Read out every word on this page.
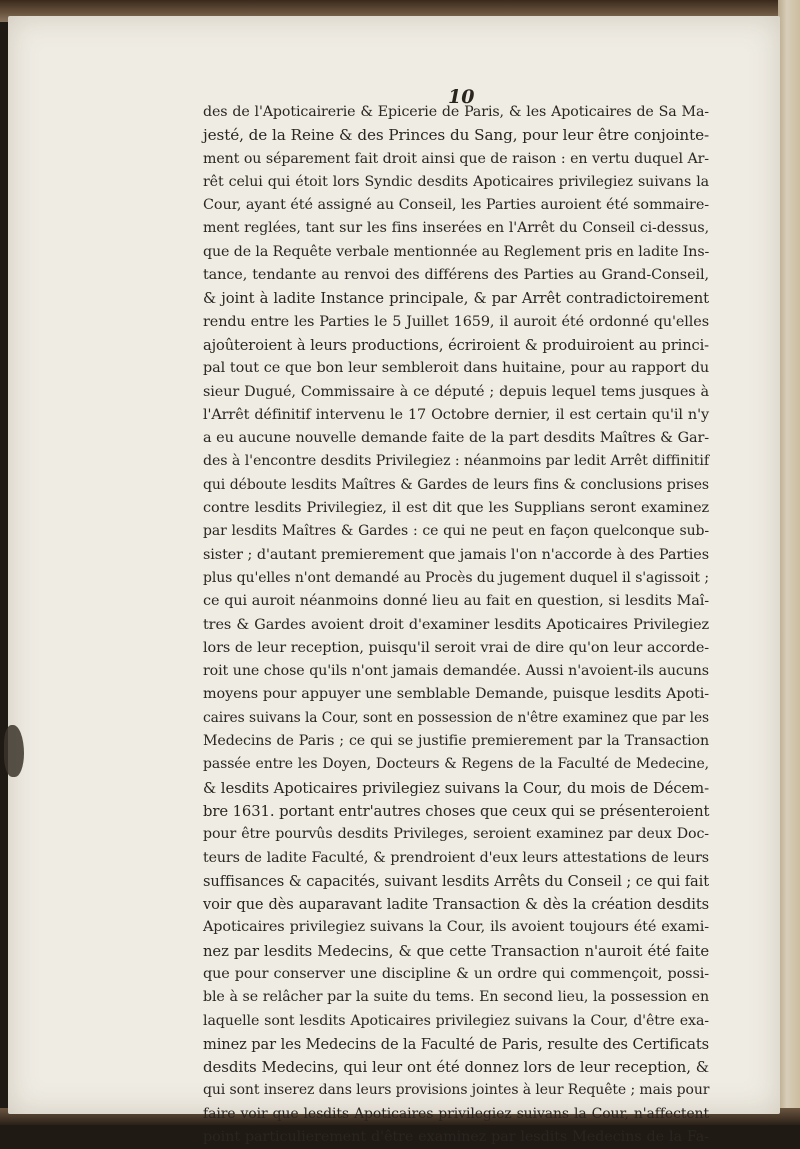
10
des de l'Apoticairerie & Epicerie de Paris, & les Apoticaires de Sa Ma-
jesté, de la Reine & des Princes du Sang, pour leur être conjointe-
ment ou séparement fait droit ainsi que de raison : en vertu duquel Ar-
rêt celui qui étoit lors Syndic desdits Apoticaires privilegiez suivans la
Cour, ayant été assigné au Conseil, les Parties auroient été sommaire-
ment reglées, tant sur les fins inserées en l'Arrêt du Conseil ci-dessus,
que de la Requête verbale mentionnée au Reglement pris en ladite Ins-
tance, tendante au renvoi des différens des Parties au Grand-Conseil,
& joint à ladite Instance principale, & par Arrêt contradictoirement
rendu entre les Parties le 5 Juillet 1659, il auroit été ordonné qu'elles
ajoûteroient à leurs productions, écriroient & produiroient au princi-
pal tout ce que bon leur sembleroit dans huitaine, pour au rapport du
sieur Dugué, Commissaire à ce député ; depuis lequel tems jusques à
l'Arrêt définitif intervenu le 17 Octobre dernier, il est certain qu'il n'y
a eu aucune nouvelle demande faite de la part desdits Maîtres & Gar-
des à l'encontre desdits Privilegiez : néanmoins par ledit Arrêt diffinitif
qui déboute lesdits Maîtres & Gardes de leurs fins & conclusions prises
contre lesdits Privilegiez, il est dit que les Supplians seront examinez
par lesdits Maîtres & Gardes : ce qui ne peut en façon quelconque sub-
sister ; d'autant premierement que jamais l'on n'accorde à des Parties
plus qu'elles n'ont demandé au Procès du jugement duquel il s'agissoit ;
ce qui auroit néanmoins donné lieu au fait en question, si lesdits Maî-
tres & Gardes avoient droit d'examiner lesdits Apoticaires Privilegiez
lors de leur reception, puisqu'il seroit vrai de dire qu'on leur accorde-
roit une chose qu'ils n'ont jamais demandée. Aussi n'avoient-ils aucuns
moyens pour appuyer une semblable Demande, puisque lesdits Apoti-
caires suivans la Cour, sont en possession de n'être examinez que par les
Medecins de Paris ; ce qui se justifie premierement par la Transaction
passée entre les Doyen, Docteurs & Regens de la Faculté de Medecine,
& lesdits Apoticaires privilegiez suivans la Cour, du mois de Décem-
bre 1631. portant entr'autres choses que ceux qui se présenteroient
pour être pourvûs desdits Privileges, seroient examinez par deux Doc-
teurs de ladite Faculté, & prendroient d'eux leurs attestations de leurs
suffisances & capacités, suivant lesdits Arrêts du Conseil ; ce qui fait
voir que dès auparavant ladite Transaction & dès la création desdits
Apoticaires privilegiez suivans la Cour, ils avoient toujours été exami-
nez par lesdits Medecins, & que cette Transaction n'auroit été faite
que pour conserver une discipline & un ordre qui commençoit, possi-
ble à se relâcher par la suite du tems. En second lieu, la possession en
laquelle sont lesdits Apoticaires privilegiez suivans la Cour, d'être exa-
minez par les Medecins de la Faculté de Paris, resulte des Certificats
desdits Medecins, qui leur ont été donnez lors de leur reception, &
qui sont inserez dans leurs provisions jointes à leur Requête ; mais pour
faire voir que lesdits Apoticaires privilegiez suivans la Cour, n'affectent
point particulierement d'être examinez par lesdits Medecins de la Fa-
